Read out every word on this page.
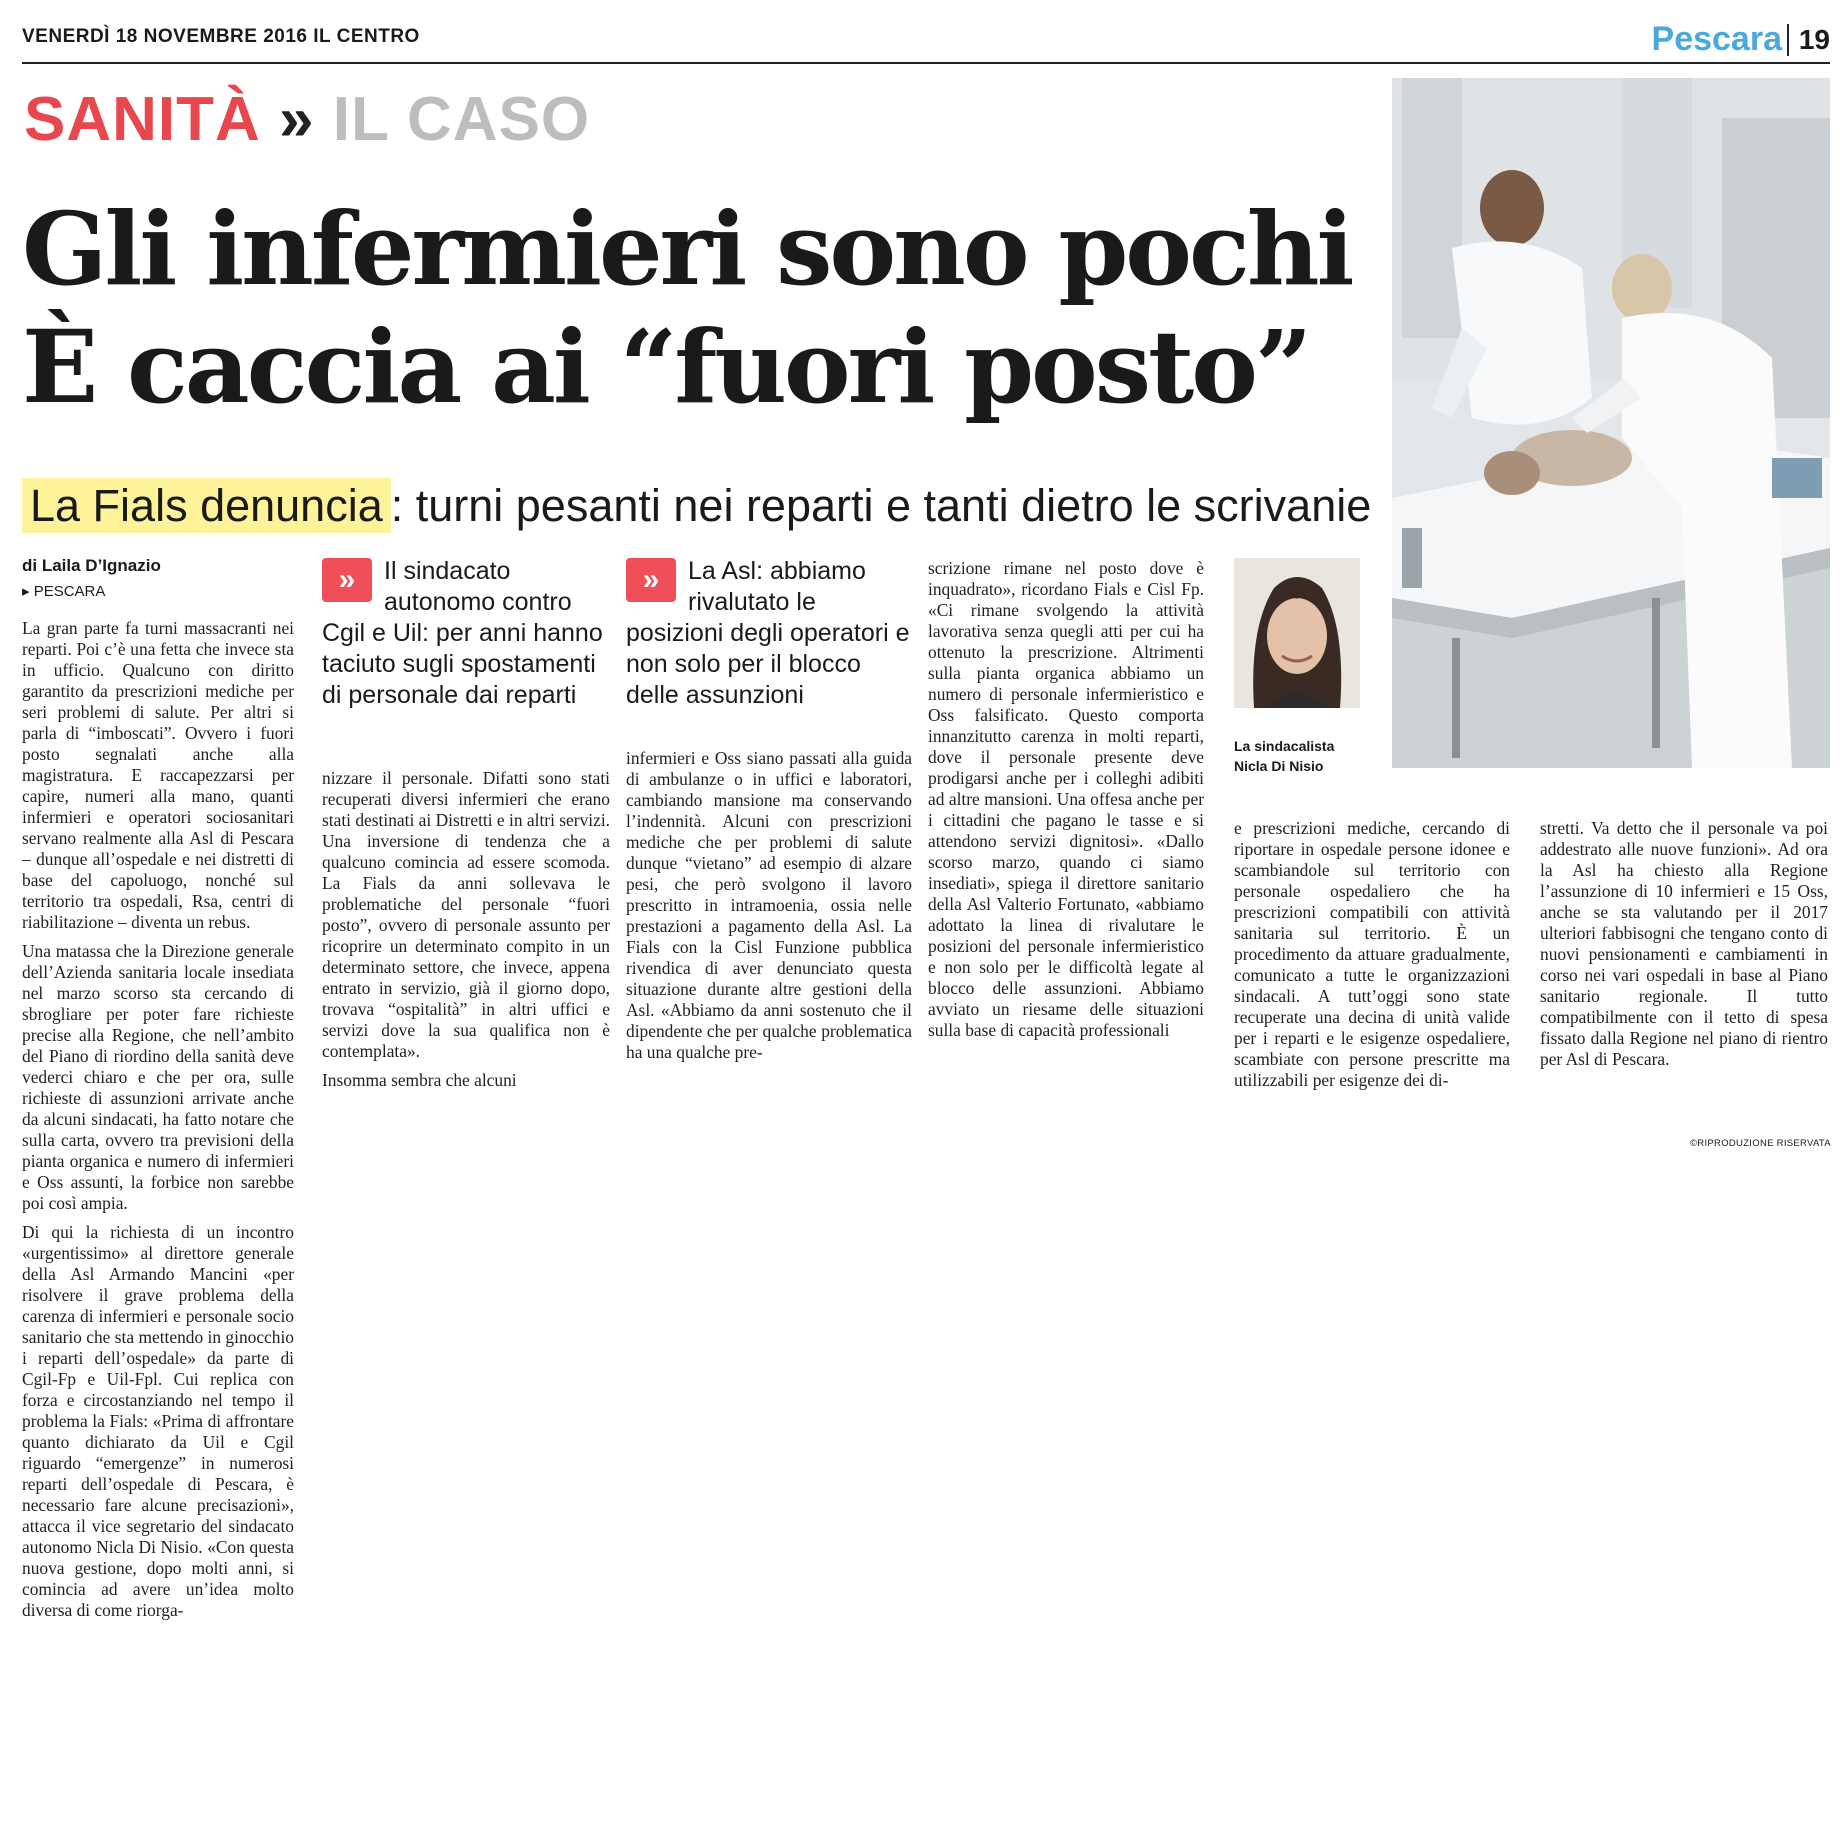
VENERDÌ 18 NOVEMBRE 2016 IL CENTRO	Pescara 19
SANITÀ » IL CASO
Gli infermieri sono pochi
È caccia ai “fuori posto”
La Fials denuncia : turni pesanti nei reparti e tanti dietro le scrivanie
La sindacalista
Nicla Di Nisio
di Laila D’Ignazio
▸ PESCARA	»	Il sindacato autonomo contro Cgil e Uil: per anni hanno taciuto sugli spostamenti di personale dai reparti
»	La Asl: abbiamo rivalutato le posizioni degli operatori e non solo per il blocco delle assunzioni

La gran parte fa turni massacranti nei reparti. Poi c’è una fetta che invece sta in ufficio. Qualcuno con diritto garantito da prescrizioni mediche per seri problemi di salute. Per altri si parla di “imboscati”. Ovvero i fuori posto segnalati anche alla magistratura. E raccapezzarsi per capire, numeri alla mano, quanti infermieri e operatori sociosanitari servano realmente alla Asl di Pescara – dunque all’ospedale e nei distretti di base del capoluogo, nonché sul territorio tra ospedali, Rsa, centri di riabilitazione – diventa un rebus.

Una matassa che la Direzione generale dell’Azienda sanitaria locale insediata nel marzo scorso sta cercando di sbrogliare per poter fare richieste precise alla Regione, che nell’ambito del Piano di riordino della sanità deve vederci chiaro e che per ora, sulle richieste di assunzioni arrivate anche da alcuni sindacati, ha fatto notare che sulla carta, ovvero tra previsioni della pianta organica e numero di infermieri e Oss assunti, la forbice non sarebbe poi così ampia.

Di qui la richiesta di un incontro «urgentissimo» al direttore generale della Asl Armando Mancini «per risolvere il grave problema della carenza di infermieri e personale socio sanitario che sta mettendo in ginocchio i reparti dell’ospedale» da parte di Cgil-Fp e Uil-Fpl. Cui replica con forza e circostanziando nel tempo il problema la Fials: «Prima di affrontare quanto dichiarato da Uil e Cgil riguardo “emergenze” in numerosi reparti dell’ospedale di Pescara, è necessario fare alcune precisazioni», attacca il vice segretario del sindacato autonomo Nicla Di Nisio. «Con questa nuova gestione, dopo molti anni, si comincia ad avere un’idea molto diversa di come riorga-

nizzare il personale. Difatti sono stati recuperati diversi infermieri che erano stati destinati ai Distretti e in altri servizi. Una inversione di tendenza che a qualcuno comincia ad essere scomoda. La Fials da anni sollevava le problematiche del personale “fuori posto”, ovvero di personale assunto per ricoprire un determinato compito in un determinato settore, che invece, appena entrato in servizio, già il giorno dopo, trovava “ospitalità” in altri uffici e servizi dove la sua qualifica non è contemplata».

Insomma sembra che alcuni

infermieri e Oss siano passati alla guida di ambulanze o in uffici e laboratori, cambiando mansione ma conservando l’indennità. Alcuni con prescrizioni mediche che per problemi di salute dunque “vietano” ad esempio di alzare pesi, che però svolgono il lavoro prescritto in intramoenia, ossia nelle prestazioni a pagamento della Asl. La Fials con la Cisl Funzione pubblica rivendica di aver denunciato questa situazione durante altre gestioni della Asl. «Abbiamo da anni sostenuto che il dipendente che per qualche problematica ha una qualche pre-

scrizione rimane nel posto dove è inquadrato», ricordano Fials e Cisl Fp. «Ci rimane svolgendo la attività lavorativa senza quegli atti per cui ha ottenuto la prescrizione. Altrimenti sulla pianta organica abbiamo un numero di personale infermieristico e Oss falsificato. Questo comporta innanzitutto carenza in molti reparti, dove il personale presente deve prodigarsi anche per i colleghi adibiti ad altre mansioni. Una offesa anche per i cittadini che pagano le tasse e si attendono servizi dignitosi». «Dallo scorso marzo, quando ci siamo insediati», spiega il direttore sanitario della Asl Valterio Fortunato, «abbiamo adottato la linea di rivalutare le posizioni del personale infermieristico e non solo per le difficoltà legate al blocco delle assunzioni. Abbiamo avviato un riesame delle situazioni sulla base di capacità professionali

e prescrizioni mediche, cercando di riportare in ospedale persone idonee e scambiandole sul territorio con personale ospedaliero che ha prescrizioni compatibili con attività sanitaria sul territorio. È un procedimento da attuare gradualmente, comunicato a tutte le organizzazioni sindacali. A tutt’oggi sono state recuperate una decina di unità valide per i reparti e le esigenze ospedaliere, scambiate con persone prescritte ma utilizzabili per esigenze dei di-

stretti. Va detto che il personale va poi addestrato alle nuove funzioni». Ad ora la Asl ha chiesto alla Regione l’assunzione di 10 infermieri e 15 Oss, anche se sta valutando per il 2017 ulteriori fabbisogni che tengano conto di nuovi pensionamenti e cambiamenti in corso nei vari ospedali in base al Piano sanitario regionale. Il tutto compatibilmente con il tetto di spesa fissato dalla Regione nel piano di rientro per Asl di Pescara.

©RIPRODUZIONE RISERVATA
